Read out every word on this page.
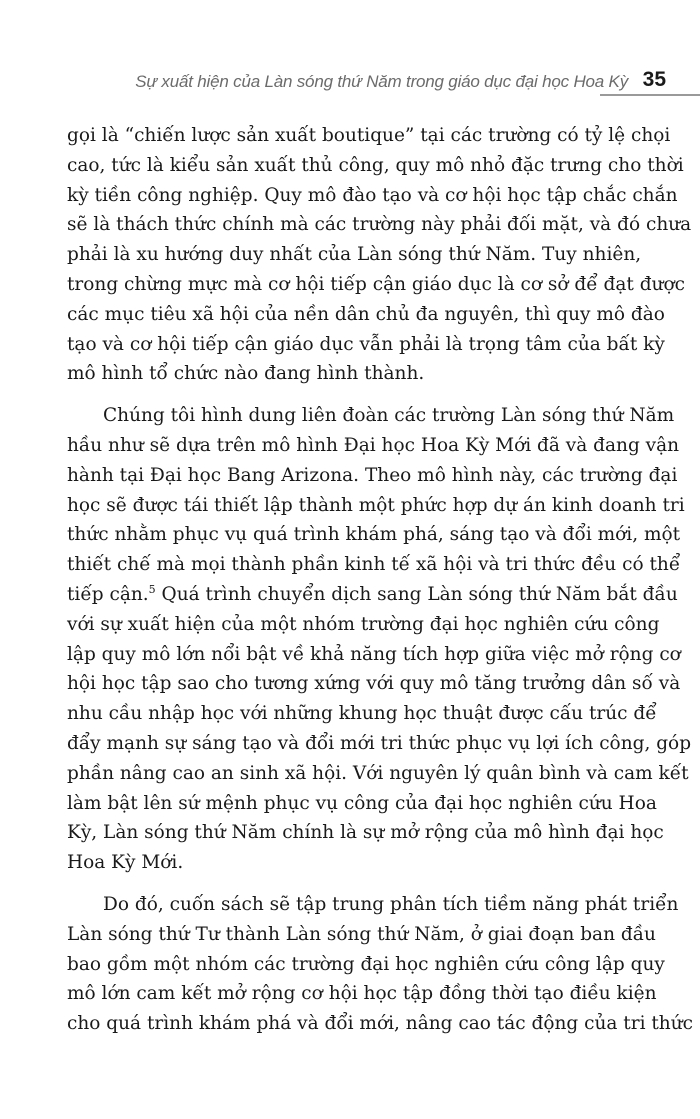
Sự xuất hiện của Làn sóng thứ Năm trong giáo dục đại học Hoa Kỳ 35
gọi là “chiến lược sản xuất boutique” tại các trường có tỷ lệ chọi
cao, tức là kiểu sản xuất thủ công, quy mô nhỏ đặc trưng cho thời
kỳ tiền công nghiệp. Quy mô đào tạo và cơ hội học tập chắc chắn
sẽ là thách thức chính mà các trường này phải đối mặt, và đó chưa
phải là xu hướng duy nhất của Làn sóng thứ Năm. Tuy nhiên,
trong chừng mực mà cơ hội tiếp cận giáo dục là cơ sở để đạt được
các mục tiêu xã hội của nền dân chủ đa nguyên, thì quy mô đào
tạo và cơ hội tiếp cận giáo dục vẫn phải là trọng tâm của bất kỳ
mô hình tổ chức nào đang hình thành.
Chúng tôi hình dung liên đoàn các trường Làn sóng thứ Năm
hầu như sẽ dựa trên mô hình Đại học Hoa Kỳ Mới đã và đang vận
hành tại Đại học Bang Arizona. Theo mô hình này, các trường đại
học sẽ được tái thiết lập thành một phức hợp dự án kinh doanh tri
thức nhằm phục vụ quá trình khám phá, sáng tạo và đổi mới, một
thiết chế mà mọi thành phần kinh tế xã hội và tri thức đều có thể
tiếp cận.$^5$ Quá trình chuyển dịch sang Làn sóng thứ Năm bắt đầu
với sự xuất hiện của một nhóm trường đại học nghiên cứu công
lập quy mô lớn nổi bật về khả năng tích hợp giữa việc mở rộng cơ
hội học tập sao cho tương xứng với quy mô tăng trưởng dân số và
nhu cầu nhập học với những khung học thuật được cấu trúc để
đẩy mạnh sự sáng tạo và đổi mới tri thức phục vụ lợi ích công, góp
phần nâng cao an sinh xã hội. Với nguyên lý quân bình và cam kết
làm bật lên sứ mệnh phục vụ công của đại học nghiên cứu Hoa
Kỳ, Làn sóng thứ Năm chính là sự mở rộng của mô hình đại học
Hoa Kỳ Mới.
Do đó, cuốn sách sẽ tập trung phân tích tiềm năng phát triển
Làn sóng thứ Tư thành Làn sóng thứ Năm, ở giai đoạn ban đầu
bao gồm một nhóm các trường đại học nghiên cứu công lập quy
mô lớn cam kết mở rộng cơ hội học tập đồng thời tạo điều kiện
cho quá trình khám phá và đổi mới, nâng cao tác động của tri thức
